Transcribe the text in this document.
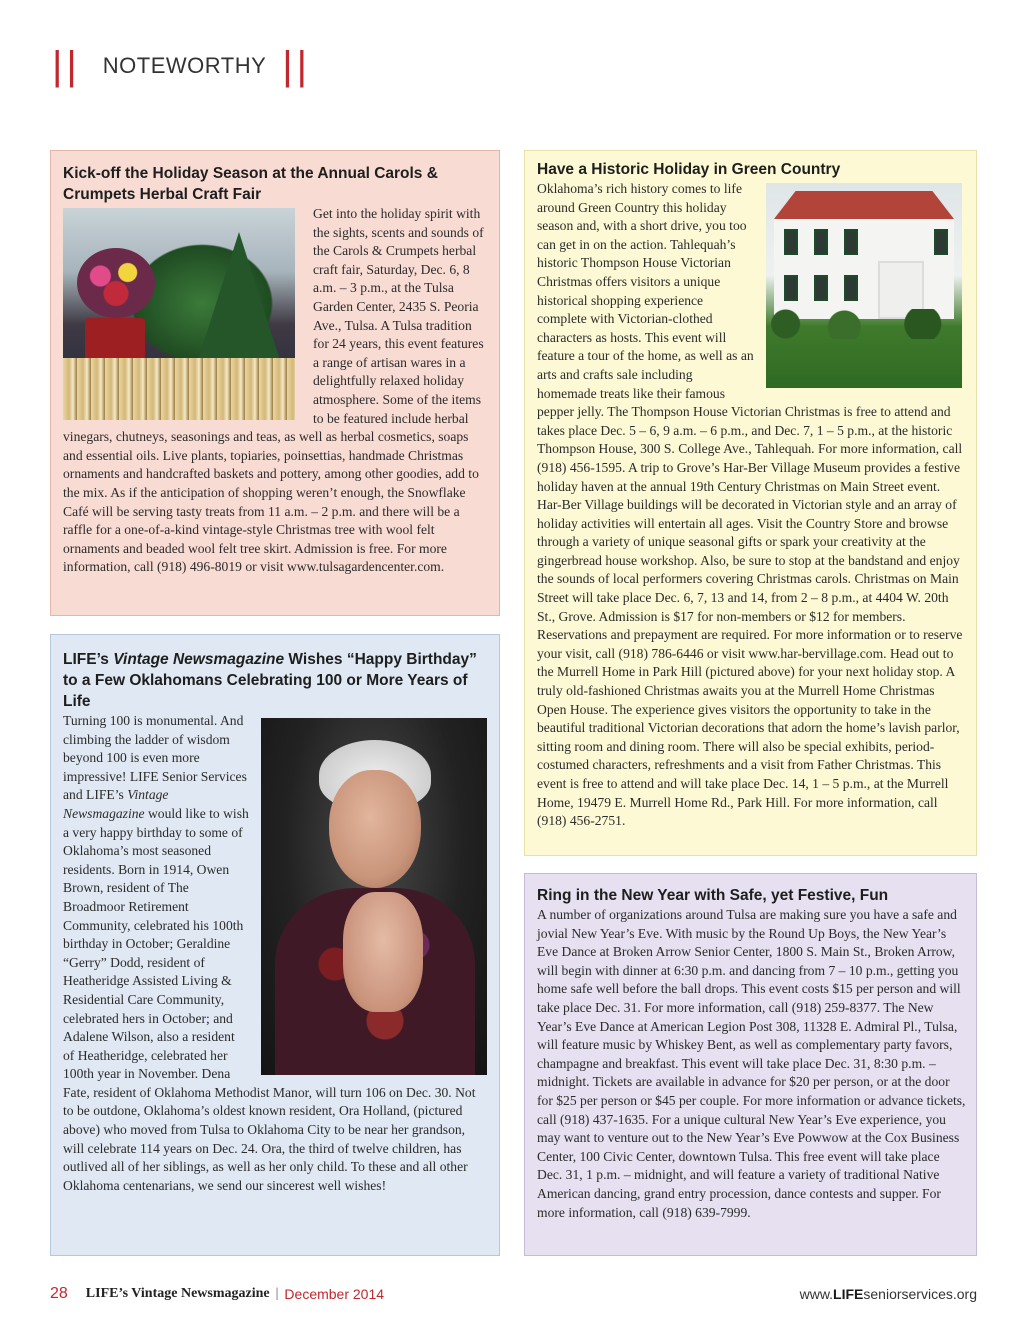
|| NOTEWORTHY ||
Kick-off the Holiday Season at the Annual Carols & Crumpets Herbal Craft Fair

Get into the holiday spirit with the sights, scents and sounds of the Carols & Crumpets herbal craft fair, Saturday, Dec. 6, 8 a.m. – 3 p.m., at the Tulsa Garden Center, 2435 S. Peoria Ave., Tulsa. A Tulsa tradition for 24 years, this event features a range of artisan wares in a delightfully relaxed holiday atmosphere. Some of the items to be featured include herbal vinegars, chutneys, seasonings and teas, as well as herbal cosmetics, soaps and essential oils. Live plants, topiaries, poinsettias, handmade Christmas ornaments and handcrafted baskets and pottery, among other goodies, add to the mix. As if the anticipation of shopping weren’t enough, the Snowflake Café will be serving tasty treats from 11 a.m. – 2 p.m. and there will be a raffle for a one-of-a-kind vintage-style Christmas tree with wool felt ornaments and beaded wool felt tree skirt. Admission is free. For more information, call (918) 496-8019 or visit www.tulsagardencenter.com.

Have a Historic Holiday in Green Country

Oklahoma’s rich history comes to life around Green Country this holiday season and, with a short drive, you too can get in on the action. Tahlequah’s historic Thompson House Victorian Christmas offers visitors a unique historical shopping experience complete with Victorian-clothed characters as hosts. This event will feature a tour of the home, as well as an arts and crafts sale including homemade treats like their famous pepper jelly. The Thompson House Victorian Christmas is free to attend and takes place Dec. 5 – 6, 9 a.m. – 6 p.m., and Dec. 7, 1 – 5 p.m., at the historic Thompson House, 300 S. College Ave., Tahlequah. For more information, call (918) 456-1595. A trip to Grove’s Har-Ber Village Museum provides a festive holiday haven at the annual 19th Century Christmas on Main Street event. Har-Ber Village buildings will be decorated in Victorian style and an array of holiday activities will entertain all ages. Visit the Country Store and browse through a variety of unique seasonal gifts or spark your creativity at the gingerbread house workshop. Also, be sure to stop at the bandstand and enjoy the sounds of local performers covering Christmas carols. Christmas on Main Street will take place Dec. 6, 7, 13 and 14, from 2 – 8 p.m., at 4404 W. 20th St., Grove. Admission is $17 for non-members or $12 for members. Reservations and prepayment are required. For more information or to reserve your visit, call (918) 786-6446 or visit www.har-bervillage.com. Head out to the Murrell Home in Park Hill (pictured above) for your next holiday stop. A truly old-fashioned Christmas awaits you at the Murrell Home Christmas Open House. The experience gives visitors the opportunity to take in the beautiful traditional Victorian decorations that adorn the home’s lavish parlor, sitting room and dining room. There will also be special exhibits, period-costumed characters, refreshments and a visit from Father Christmas. This event is free to attend and will take place Dec. 14, 1 – 5 p.m., at the Murrell Home, 19479 E. Murrell Home Rd., Park Hill. For more information, call (918) 456-2751.

LIFE’s Vintage Newsmagazine Wishes “Happy Birthday” to a Few Oklahomans Celebrating 100 or More Years of Life

Turning 100 is monumental. And climbing the ladder of wisdom beyond 100 is even more impressive! LIFE Senior Services and LIFE’s Vintage Newsmagazine would like to wish a very happy birthday to some of Oklahoma’s most seasoned residents. Born in 1914, Owen Brown, resident of The Broadmoor Retirement Community, celebrated his 100th birthday in October; Geraldine “Gerry” Dodd, resident of Heatheridge Assisted Living & Residential Care Community, celebrated hers in October; and Adalene Wilson, also a resident of Heatheridge, celebrated her 100th year in November. Dena Fate, resident of Oklahoma Methodist Manor, will turn 106 on Dec. 30. Not to be outdone, Oklahoma’s oldest known resident, Ora Holland, (pictured above) who moved from Tulsa to Oklahoma City to be near her grandson, will celebrate 114 years on Dec. 24. Ora, the third of twelve children, has outlived all of her siblings, as well as her only child. To these and all other Oklahoma centenarians, we send our sincerest well wishes!

Ring in the New Year with Safe, yet Festive, Fun

A number of organizations around Tulsa are making sure you have a safe and jovial New Year’s Eve. With music by the Round Up Boys, the New Year’s Eve Dance at Broken Arrow Senior Center, 1800 S. Main St., Broken Arrow, will begin with dinner at 6:30 p.m. and dancing from 7 – 10 p.m., getting you home safe well before the ball drops. This event costs $15 per person and will take place Dec. 31. For more information, call (918) 259-8377. The New Year’s Eve Dance at American Legion Post 308, 11328 E. Admiral Pl., Tulsa, will feature music by Whiskey Bent, as well as complementary party favors, champagne and breakfast. This event will take place Dec. 31, 8:30 p.m. – midnight. Tickets are available in advance for $20 per person, or at the door for $25 per person or $45 per couple. For more information or advance tickets, call (918) 437-1635. For a unique cultural New Year’s Eve experience, you may want to venture out to the New Year’s Eve Powwow at the Cox Business Center, 100 Civic Center, downtown Tulsa. This free event will take place Dec. 31, 1 p.m. – midnight, and will feature a variety of traditional Native American dancing, grand entry procession, dance contests and supper. For more information, call (918) 639-7999.

28 LIFE’s Vintage Newsmagazine | December 2014	www.LIFEseniorservices.org
